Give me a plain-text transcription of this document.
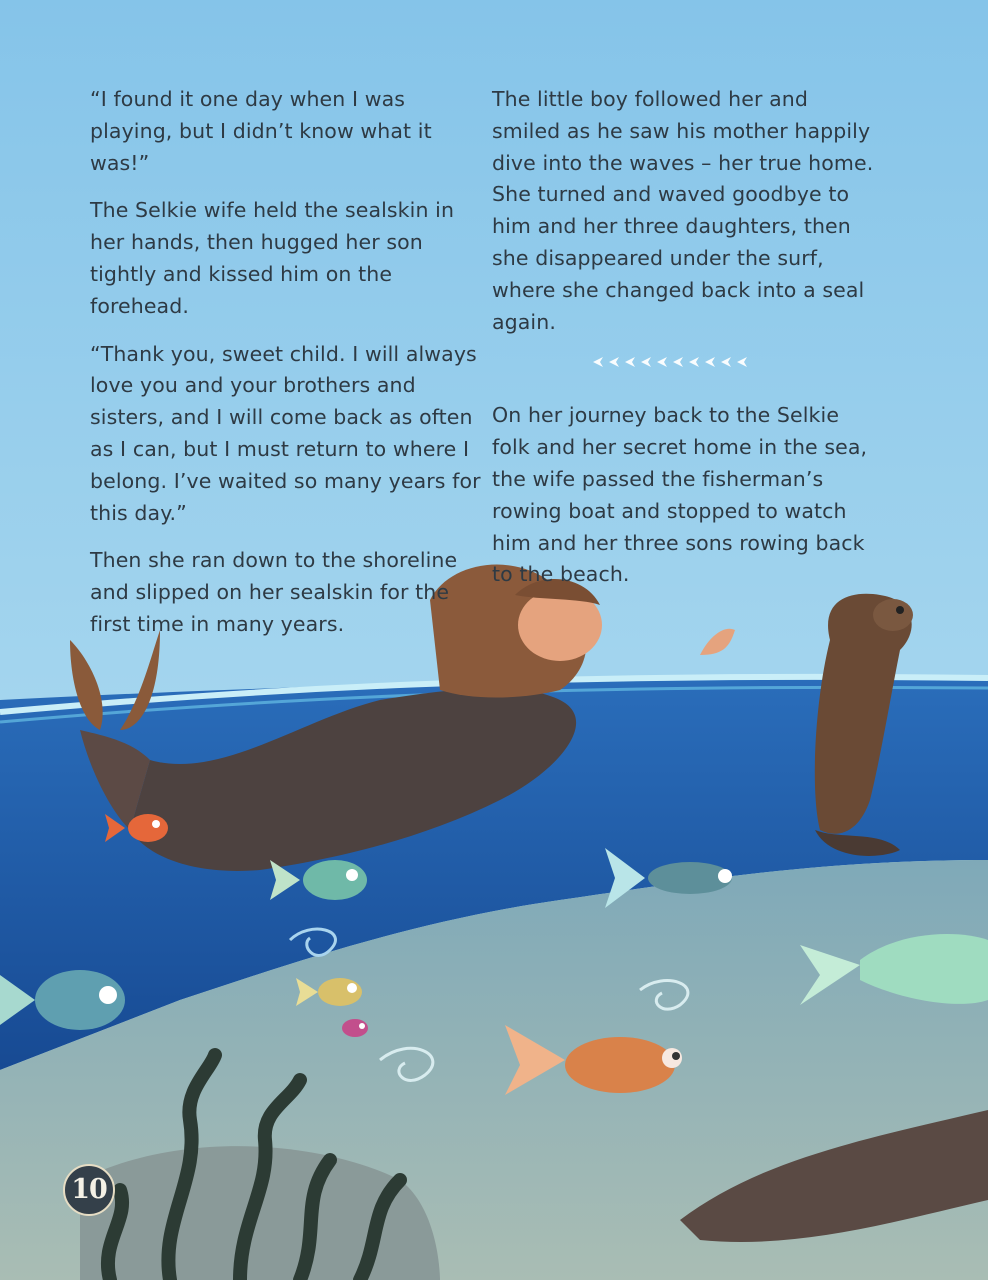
“I found it one day when I was playing, but I didn’t know what it was!”

The Selkie wife held the sealskin in her hands, then hugged her son tightly and kissed him on the forehead.

“Thank you, sweet child. I will always love you and your brothers and sisters, and I will come back as often as I can, but I must return to where I belong. I’ve waited so many years for this day.”

Then she ran down to the shoreline and slipped on her sealskin for the first time in many years.

The little boy followed her and smiled as he saw his mother happily dive into the waves – her true home. She turned and waved goodbye to him and her three daughters, then she disappeared under the surf, where she changed back into a seal again.

On her journey back to the Selkie folk and her secret home in the sea, the wife passed the fisherman’s rowing boat and stopped to watch him and her three sons rowing back to the beach.

10
